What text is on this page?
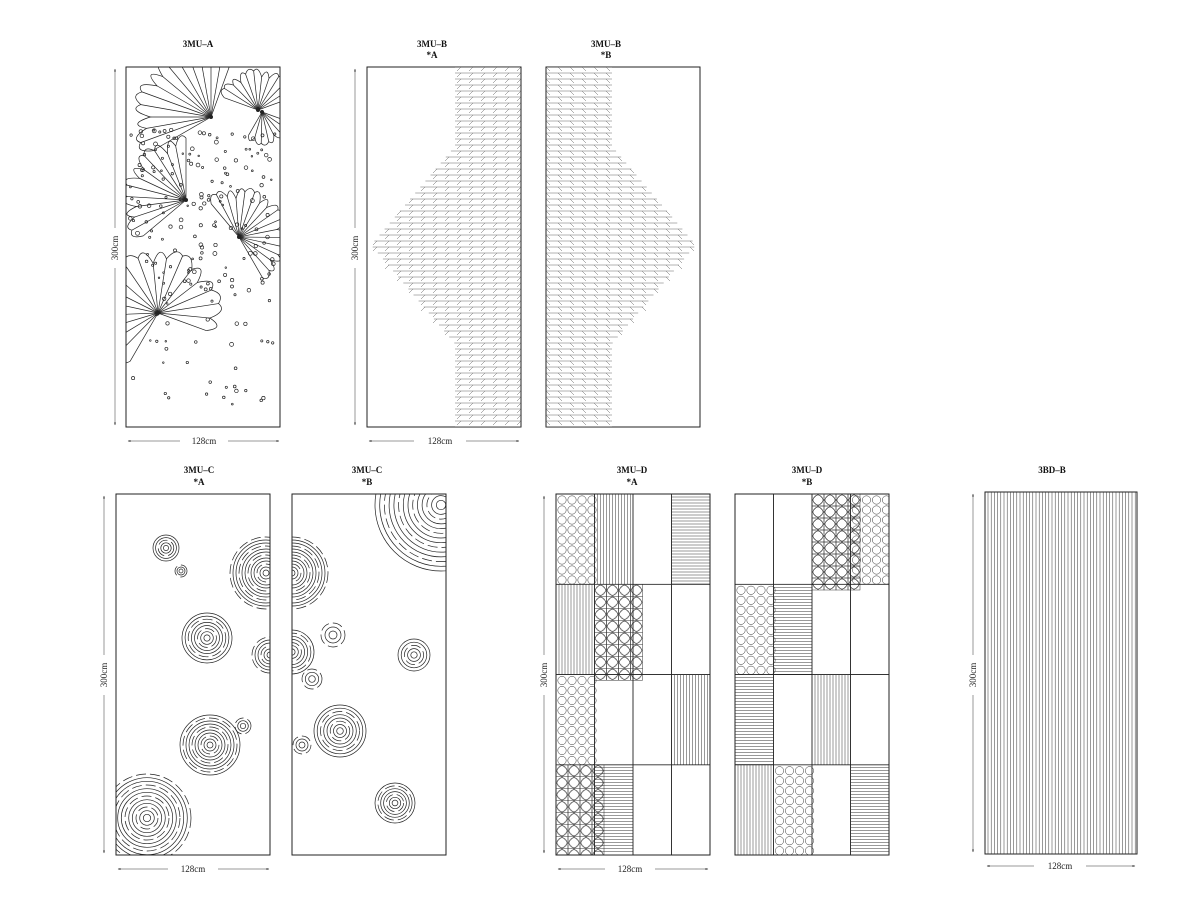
3MU–A	3MU–B
*A
3MU–B
*B
3MU–C
*A
3MU–C
*B
3MU–D
*A
3MU–D
*B
3BD–B
300cm	300cm
300cm	300cm	300cm
128cm	128cm
128cm	128cm	128cm
